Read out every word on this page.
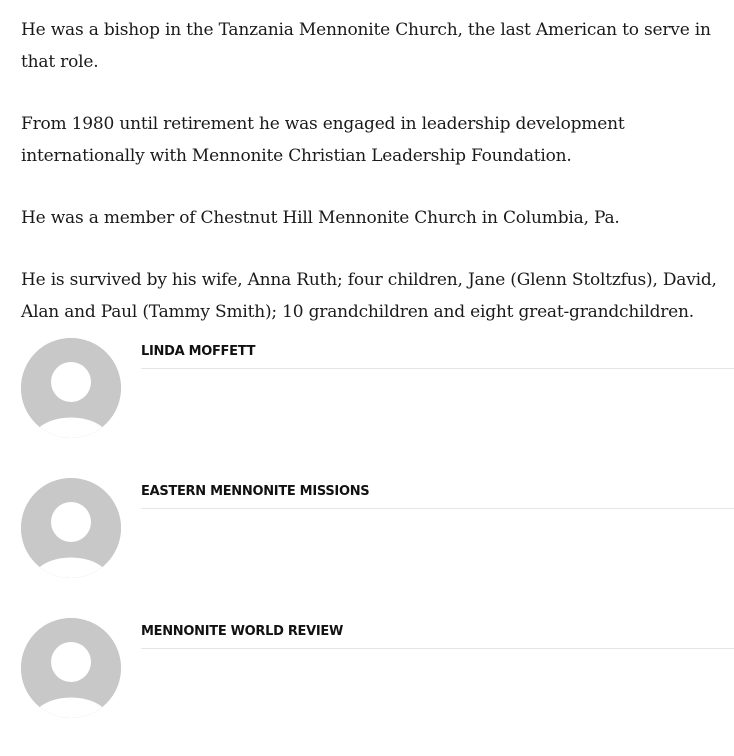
He was a bishop in the Tanzania Mennonite Church, the last American to serve in that role.

From 1980 until retirement he was engaged in leadership development internationally with Mennonite Christian Leadership Foundation.

He was a member of Chestnut Hill Mennonite Church in Columbia, Pa.

He is survived by his wife, Anna Ruth; four children, Jane (Glenn Stoltzfus), David, Alan and Paul (Tammy Smith); 10 grandchildren and eight great-grandchildren.

LINDA MOFFETT
EASTERN MENNONITE MISSIONS
MENNONITE WORLD REVIEW
